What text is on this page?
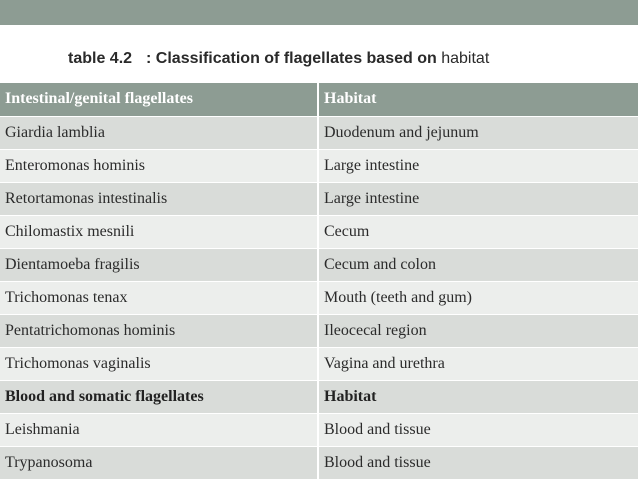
table 4.2 : Classification of flagellates based on habitat
Intestinal/genital flagellates	Habitat
Giardia lamblia	Duodenum and jejunum
Enteromonas hominis	Large intestine
Retortamonas intestinalis	Large intestine
Chilomastix mesnili	Cecum
Dientamoeba fragilis	Cecum and colon
Trichomonas tenax	Mouth (teeth and gum)
Pentatrichomonas hominis	Ileocecal region
Trichomonas vaginalis	Vagina and urethra
Blood and somatic flagellates	Habitat
Leishmania	Blood and tissue
Trypanosoma	Blood and tissue
